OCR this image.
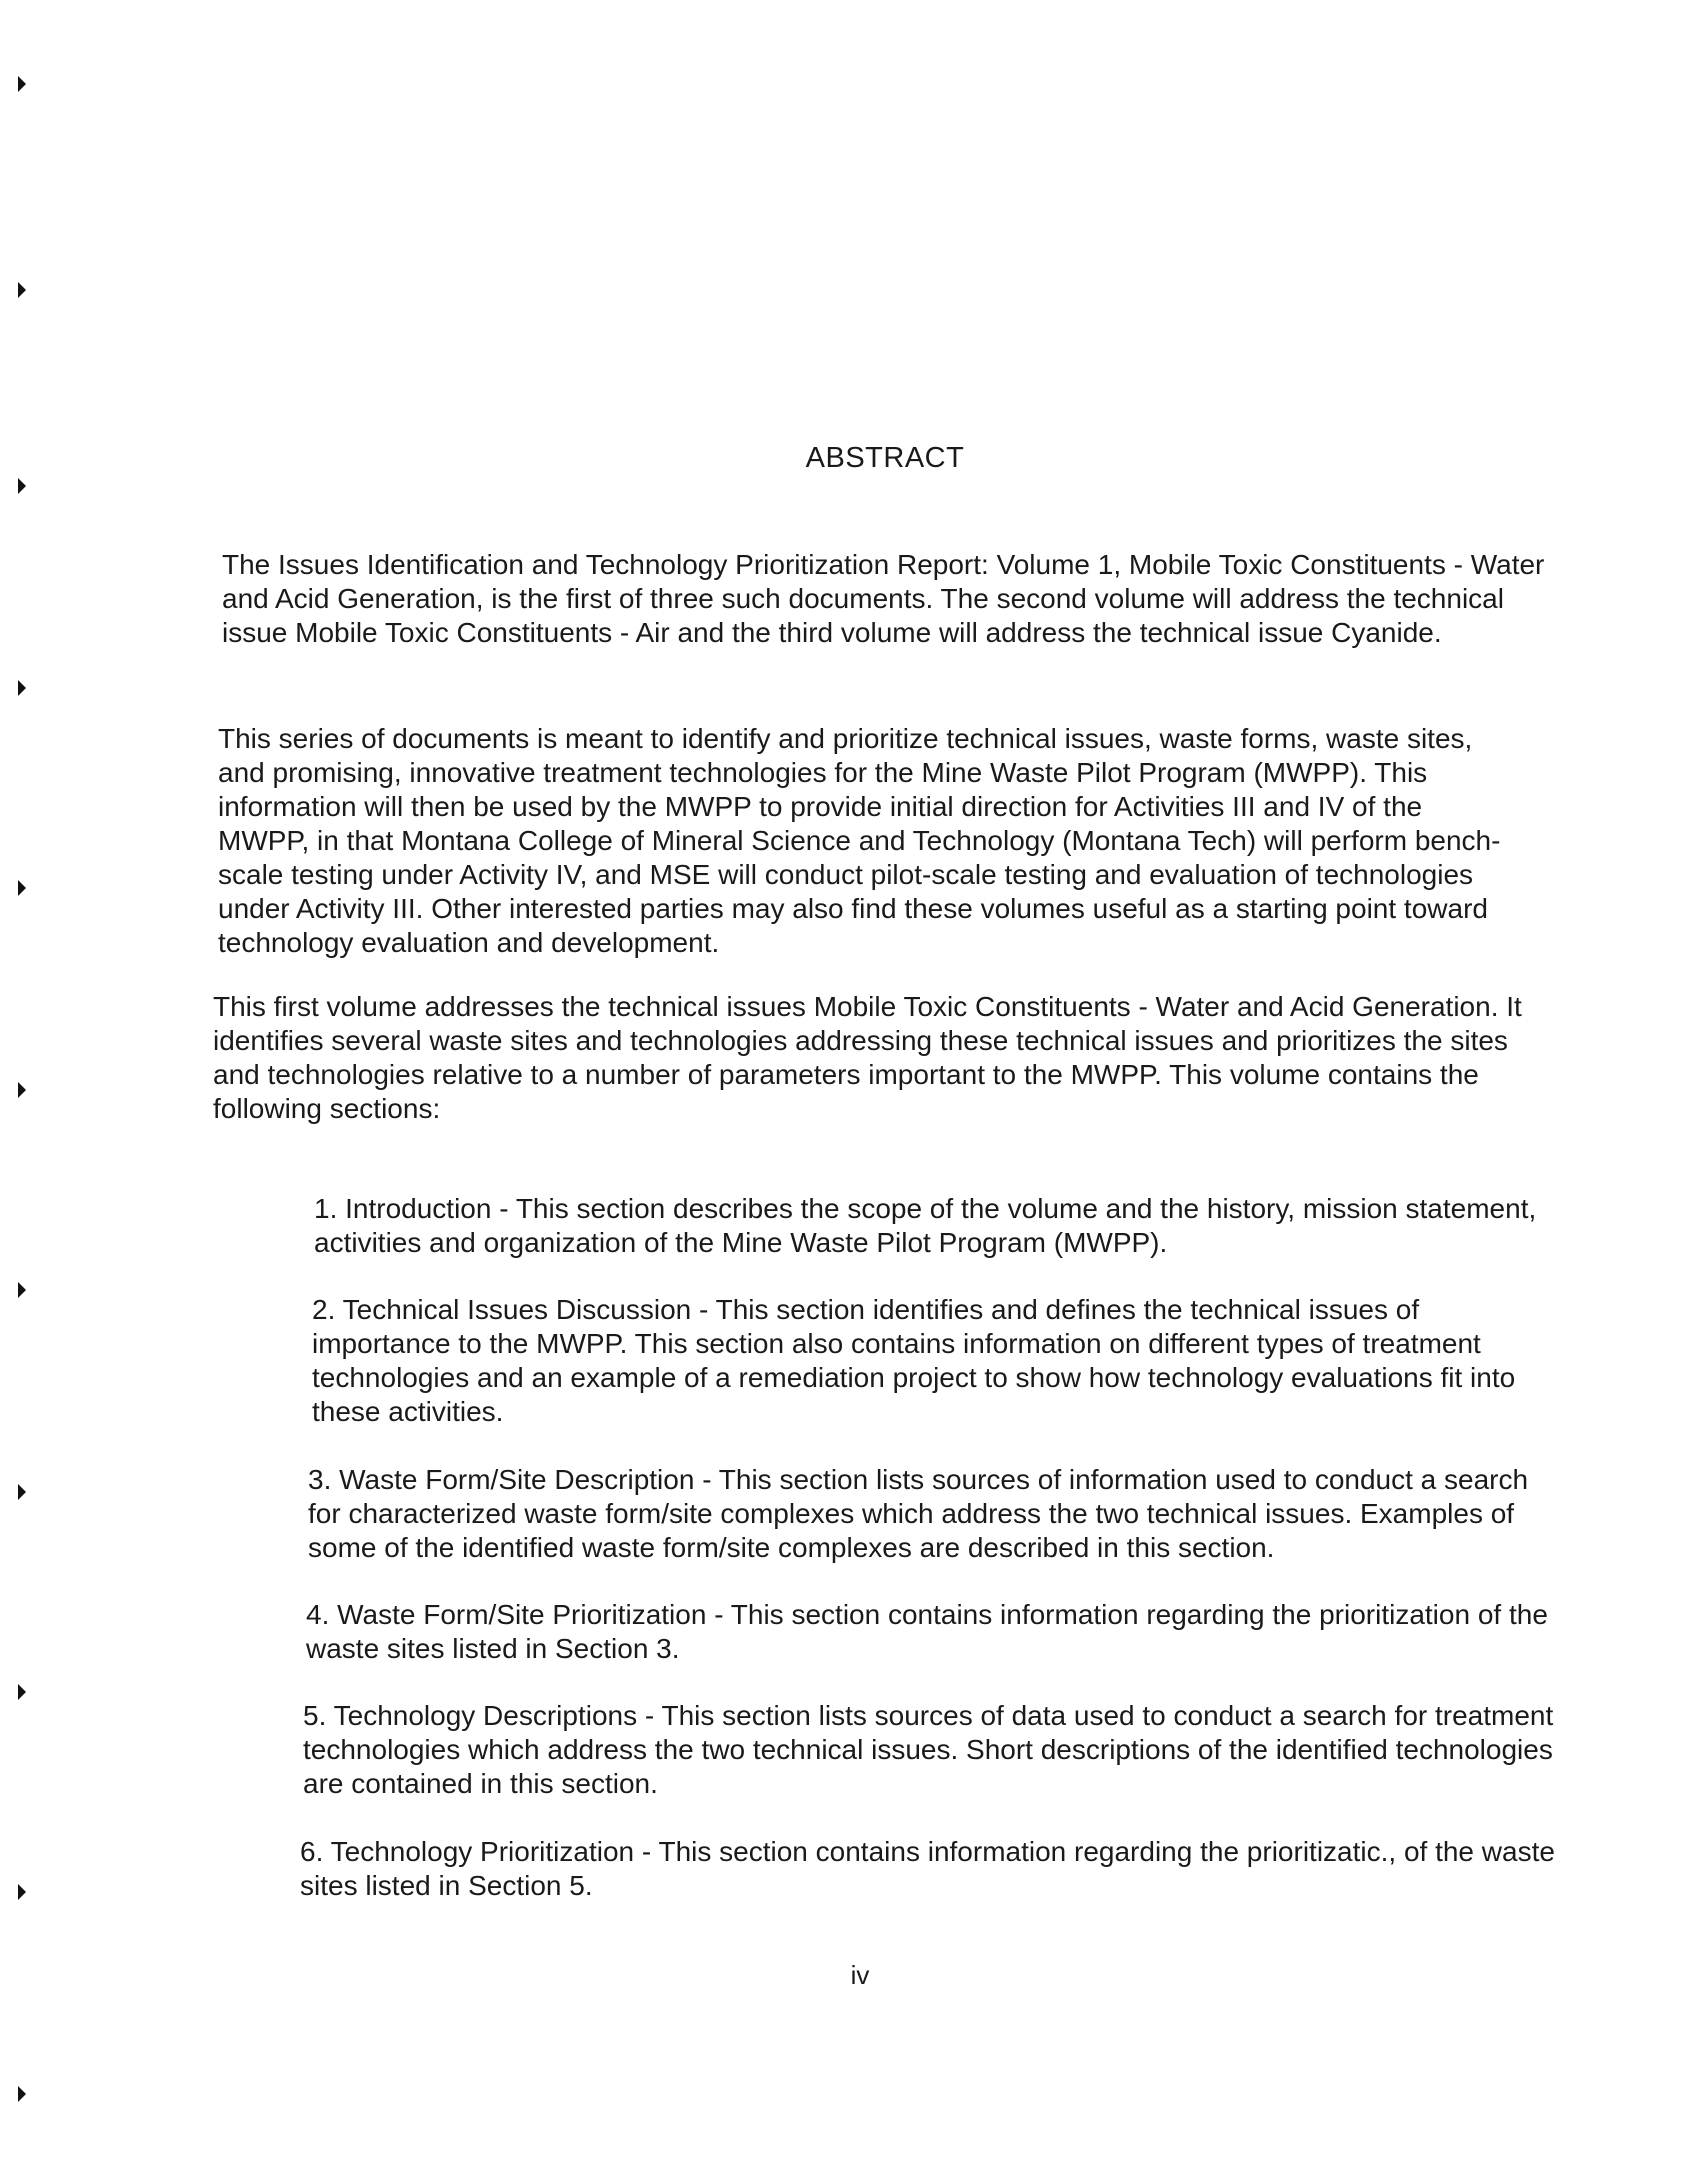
ABSTRACT

The Issues Identification and Technology Prioritization Report: Volume 1, Mobile Toxic Constituents - Water and Acid Generation, is the first of three such documents. The second volume will address the technical issue Mobile Toxic Constituents - Air and the third volume will address the technical issue Cyanide.

This series of documents is meant to identify and prioritize technical issues, waste forms, waste sites, and promising, innovative treatment technologies for the Mine Waste Pilot Program (MWPP). This information will then be used by the MWPP to provide initial direction for Activities III and IV of the MWPP, in that Montana College of Mineral Science and Technology (Montana Tech) will perform bench-scale testing under Activity IV, and MSE will conduct pilot-scale testing and evaluation of technologies under Activity III. Other interested parties may also find these volumes useful as a starting point toward technology evaluation and development.

This first volume addresses the technical issues Mobile Toxic Constituents - Water and Acid Generation. It identifies several waste sites and technologies addressing these technical issues and prioritizes the sites and technologies relative to a number of parameters important to the MWPP. This volume contains the following sections:

1. Introduction - This section describes the scope of the volume and the history, mission statement, activities and organization of the Mine Waste Pilot Program (MWPP).

2. Technical Issues Discussion - This section identifies and defines the technical issues of importance to the MWPP. This section also contains information on different types of treatment technologies and an example of a remediation project to show how technology evaluations fit into these activities.

3. Waste Form/Site Description - This section lists sources of information used to conduct a search for characterized waste form/site complexes which address the two technical issues. Examples of some of the identified waste form/site complexes are described in this section.

4. Waste Form/Site Prioritization - This section contains information regarding the prioritization of the waste sites listed in Section 3.

5. Technology Descriptions - This section lists sources of data used to conduct a search for treatment technologies which address the two technical issues. Short descriptions of the identified technologies are contained in this section.

6. Technology Prioritization - This section contains information regarding the prioritizatic., of the waste sites listed in Section 5.

iv
